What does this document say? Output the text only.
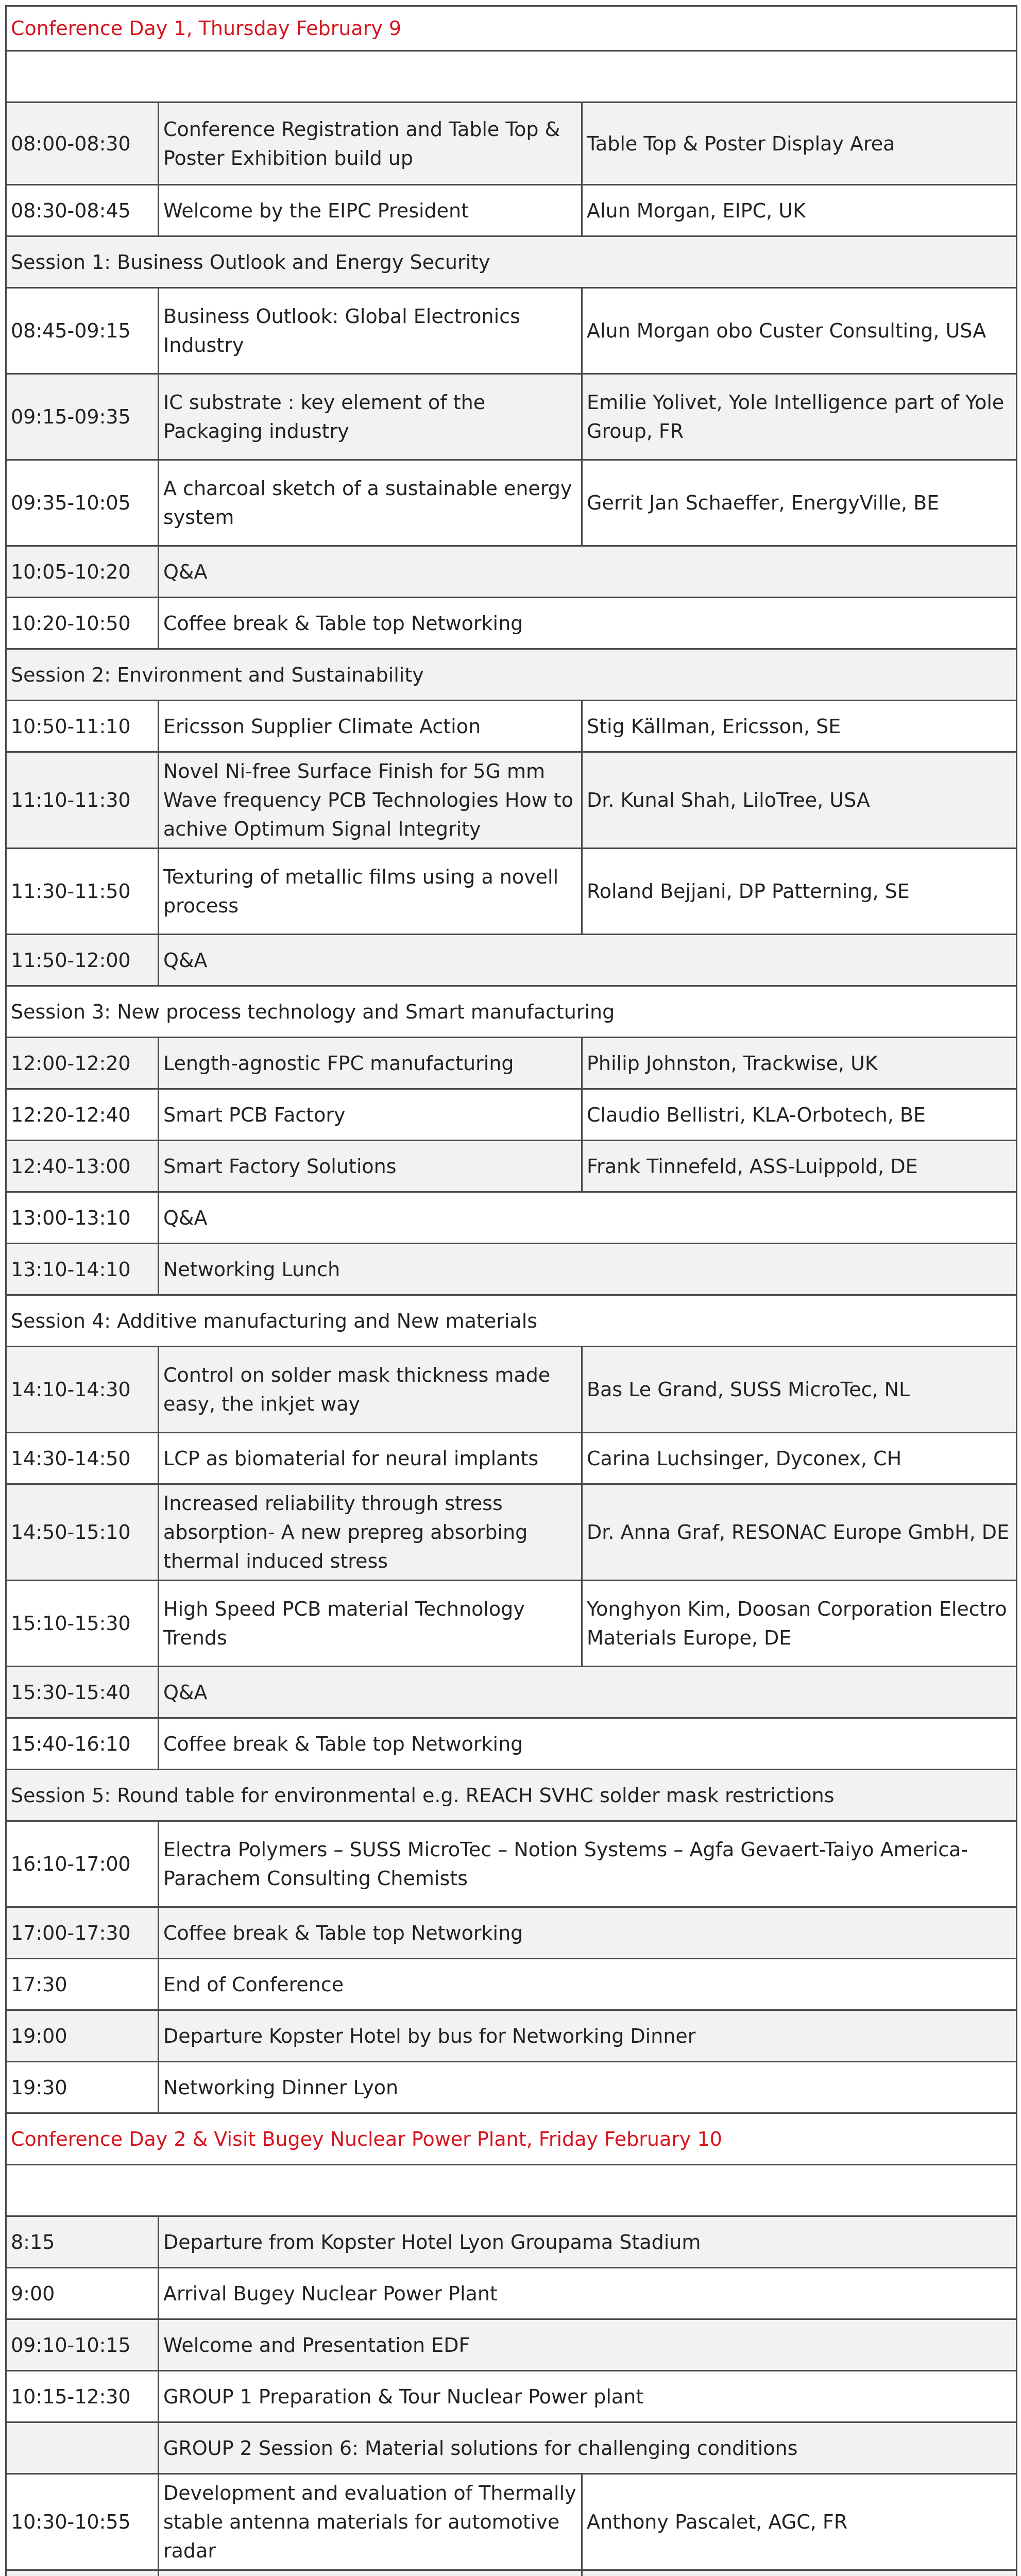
Conference Day 1, Thursday February 9		

08:00-08:30	Conference Registration and Table Top & Poster Exhibition build up	Table Top & Poster Display Area
08:30-08:45	Welcome by the EIPC President	Alun Morgan, EIPC, UK
Session 1: Business Outlook and Energy Security		
08:45-09:15	Business Outlook: Global Electronics Industry	Alun Morgan obo Custer Consulting, USA
09:15-09:35	IC substrate : key element of the Packaging industry	Emilie Yolivet, Yole Intelligence part of Yole Group, FR
09:35-10:05	A charcoal sketch of a sustainable energy system	Gerrit Jan Schaeffer, EnergyVille, BE
10:05-10:20	Q&A	
10:20-10:50	Coffee break & Table top Networking	
Session 2: Environment and Sustainability		
10:50-11:10	Ericsson Supplier Climate Action	Stig Källman, Ericsson, SE
11:10-11:30	Novel Ni-free Surface Finish for 5G mm Wave frequency PCB Technologies How to achive Optimum Signal Integrity	Dr. Kunal Shah, LiloTree, USA
11:30-11:50	Texturing of metallic films using a novell process	Roland Bejjani, DP Patterning, SE
11:50-12:00	Q&A	
Session 3: New process technology and Smart manufacturing		
12:00-12:20	Length-agnostic FPC manufacturing	Philip Johnston, Trackwise, UK
12:20-12:40	Smart PCB Factory	Claudio Bellistri, KLA-Orbotech, BE
12:40-13:00	Smart Factory Solutions	Frank Tinnefeld, ASS-Luippold, DE
13:00-13:10	Q&A	
13:10-14:10	Networking Lunch	
Session 4: Additive manufacturing and New materials		
14:10-14:30	Control on solder mask thickness made easy, the inkjet way	Bas Le Grand, SUSS MicroTec, NL
14:30-14:50	LCP as biomaterial for neural implants	Carina Luchsinger, Dyconex, CH
14:50-15:10	Increased reliability through stress absorption- A new prepreg absorbing thermal induced stress	Dr. Anna Graf, RESONAC Europe GmbH, DE
15:10-15:30	High Speed PCB material Technology Trends	Yonghyon Kim, Doosan Corporation Electro Materials Europe, DE
15:30-15:40	Q&A	
15:40-16:10	Coffee break & Table top Networking	
Session 5: Round table for environmental e.g. REACH SVHC solder mask restrictions		
16:10-17:00	Electra Polymers – SUSS MicroTec – Notion Systems – Agfa Gevaert-Taiyo America-Parachem Consulting Chemists	
17:00-17:30	Coffee break & Table top Networking	
17:30	End of Conference	
19:00	Departure Kopster Hotel by bus for Networking Dinner	
19:30	Networking Dinner Lyon	
Conference Day 2 & Visit Bugey Nuclear Power Plant, Friday February 10		

8:15	Departure from Kopster Hotel Lyon Groupama Stadium	
9:00	Arrival Bugey Nuclear Power Plant	
09:10-10:15	Welcome and Presentation EDF	
10:15-12:30	GROUP 1 Preparation & Tour Nuclear Power plant	
	GROUP 2 Session 6: Material solutions for challenging conditions	
10:30-10:55	Development and evaluation of Thermally stable antenna materials for automotive radar	Anthony Pascalet, AGC, FR
